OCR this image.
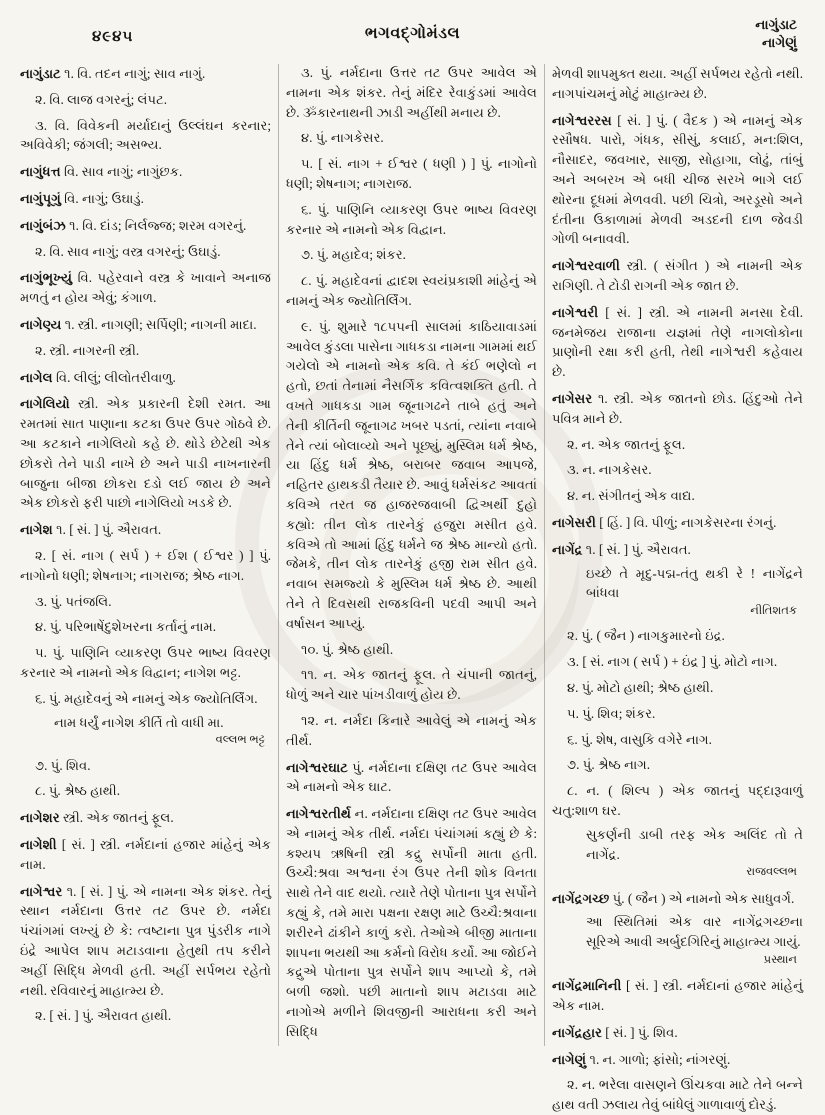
૪૯૪૫	ભગવદ્ગોમંડલ
નાગુંડાટ
નાગેણું

નાગુંડાટ ૧. વિ. તદન નાગું; સાવ નાગું.

૨. વિ. લાજ વગરનું; લંપટ.

૩. વિ. વિવેકની મર્યાદાનું ઉલ્લંઘન કરનાર; અવિવેકી; જંગલી; અસભ્ય.

નાગુંધત્ત વિ. સાવ નાગું; નાગુંછક.

નાગુંપૂગું વિ. નાગું; ઉઘાડું.

નાગુંબંઝ ૧. વિ. દાંડ; નિર્લજ્જ; શરમ વગરનું.

૨. વિ. સાવ નાગું; વસ્ત્ર વગરનું; ઉઘાડું.

નાગુંભૂખ્યું વિ. પહેરવાને વસ્ત્ર કે ખાવાને અનાજ મળતું ન હોય એવું; કંગાળ.

નાગેણ્ય ૧. સ્ત્રી. નાગણી; સર્પિણી; નાગની માદા.

૨. સ્ત્રી. નાગરની સ્ત્રી.

નાગેલ વિ. લીલું; લીલોતરીવાળુ.

નાગેલિયો સ્ત્રી. એક પ્રકારની દેશી રમત. આ રમતમાં સાત પાણાના કટકા ઉપર ઉપર ગોઠવે છે. આ કટકાને નાગેલિયો કહે છે. થોડે છેટેથી એક છોકરો તેને પાડી નાખે છે અને પાડી નાખનારની બાજુના બીજા છોકરા દડો લઈ જાય છે અને એક છોકરો ફરી પાછો નાગેલિયો ખડકે છે.

નાગેશ ૧. [ સં. ] પું. ઐરાવત.

૨. [ સં. નાગ ( સર્પ ) + ઈશ ( ઈશ્વર ) ] પું. નાગોનો ધણી; શેષનાગ; નાગરાજ; શ્રેષ્ઠ નાગ.

૩. પું. પતંજલિ.

૪. પું. પરિભાષેંદુશેખરના કર્તાનું નામ.

૫. પું. પાણિનિ વ્યાકરણ ઉપર ભાષ્ય વિવરણ કરનાર એ નામનો એક વિદ્વાન; નાગેશ ભટ્ટ.

૬. પું. મહાદેવનું એ નામનું એક જ્યોતિર્લિંગ.

નામ ધર્યું નાગેશ કીર્તિ તો વાધી મા.
વલ્લભ ભટ્ટ

૭. પું. શિવ.

૮. પું. શ્રેષ્ઠ હાથી.

નાગેશર સ્ત્રી. એક જાતનું ફૂલ.

નાગેશી [ સં. ] સ્ત્રી. નર્મદાનાં હજાર માંહેનું એક નામ.

નાગેશ્વર ૧. [ સં. ] પું. એ નામના એક શંકર. તેનું સ્થાન નર્મદાના ઉત્તર તટ ઉપર છે. નર્મદા પંચાંગમાં લખ્યું છે કે: ત્વષ્ટાના પુત્ર પુંડરીક નાગે ઇંદ્રે આપેલ શાપ મટાડવાના હેતુથી તપ કરીને અહીં સિદ્ધિ મેળવી હતી. અહીં સર્પભય રહેતો નથી. રવિવારનું માહાત્મ્ય છે.

૨. [ સં. ] પું. ઐરાવત હાથી.

૩. પું. નર્મદાના ઉત્તર તટ ઉપર આવેલ એ નામના એક શંકર. તેનું મંદિર રેવાકુંડમાં આવેલ છે. ૐકારનાથની ઝાડી અહીંથી મનાય છે.

૪. પું. નાગકેસર.

૫. [ સં. નાગ + ઈશ્વર ( ધણી ) ] પું. નાગોનો ધણી; શેષનાગ; નાગરાજ.

૬. પું. પાણિનિ વ્યાકરણ ઉપર ભાષ્ય વિવરણ કરનાર એ નામનો એક વિદ્વાન.

૭. પું. મહાદેવ; શંકર.

૮. પું. મહાદેવનાં દ્વાદશ સ્વયંપ્રકાશી માંહેનું એ નામનું એક જ્યોતિર્લિંગ.

૯. પું. શુમારે ૧૮૫૫ની સાલમાં કાઠિયાવાડમાં આવેલ કુંડલા પાસેના ગાધકડા નામના ગામમાં થઈ ગયેલો એ નામનો એક કવિ. તે કંઈ ભણેલો ન હતો, છતાં તેનામાં નૈસર્ગિક કવિત્વશક્તિ હતી. તે વખતે ગાધકડા ગામ જૂનાગઢને તાબે હતું અને તેની કીર્તિની જૂનાગઢ ખબર પડતાં, ત્યાંના નવાબે તેને ત્યાં બોલાવ્યો અને પૂછ્યું, મુસ્લિમ ધર્મ શ્રેષ્ઠ, યા હિંદુ ધર્મ શ્રેષ્ઠ, બરાબર જવાબ આપજે, નહિતર હાથકડી તૈયાર છે. આવું ધર્મસંકટ આવતાં કવિએ તરત જ હાજરજવાબી દ્વિઅર્થી દુહો કહ્યો: તીન લોક તારનેકું હજુરા મસીત હવે. કવિએ તો આમાં હિંદુ ધર્મને જ શ્રેષ્ઠ માન્યો હતો. જેમકે, તીન લોક તારનેકું હજી રામ સીત હવે. નવાબ સમજ્યો કે મુસ્લિમ ધર્મ શ્રેષ્ઠ છે. આથી તેને તે દિવસથી રાજકવિની પદવી આપી અને વર્ષાસન આપ્યું.

૧૦. પું. શ્રેષ્ઠ હાથી.

૧૧. ન. એક જાતનું ફૂલ. તે ચંપાની જાતનું, ધોળું અને ચાર પાંખડીવાળું હોય છે.

૧૨. ન. નર્મદા કિનારે આવેલું એ નામનું એક તીર્થ.

નાગેશ્વરઘાટ પું. નર્મદાના દક્ષિણ તટ ઉપર આવેલ એ નામનો એક ઘાટ.

નાગેશ્વરતીર્થ ન. નર્મદાના દક્ષિણ તટ ઉપર આવેલ એ નામનું એક તીર્થ. નર્મદા પંચાંગમાં કહ્યું છે કે: કશ્યપ ઋષિની સ્ત્રી કદ્રુ સર્પોની માતા હતી. ઉચ્ચૈ:શ્રવા અશ્વના રંગ ઉપર તેની શોક વિનતા સાથે તેને વાદ થયો. ત્યારે તેણે પોતાના પુત્ર સર્પોને કહ્યું કે, તમે મારા પક્ષના રક્ષણ માટે ઉચ્ચૈ:શ્રવાના શરીરને ઢાંકીને કાળું કરો. તેઓએ બીજી માતાના શાપના ભયથી આ કર્મનો વિરોધ કર્યો. આ જોઈને કદ્રુએ પોતાના પુત્ર સર્પોને શાપ આપ્યો કે, તમે બળી જશો. પછી માતાનો શાપ મટાડવા માટે નાગોએ મળીને શિવજીની આરાધના કરી અને સિદ્ધિ

મેળવી શાપમુક્ત થયા. અહીં સર્પભય રહેતો નથી. નાગપાંચમનું મોટું માહાત્મ્ય છે.

નાગેશ્વરરસ [ સં. ] પું. ( વૈદક ) એ નામનું એક રસૌષધ. પારો, ગંધક, સીસું, કલાઈ, મન:શિલ, નૌસાદર, જવખાર, સાજી, સોહાગા, લોઢું, તાંબું અને અબરખ એ બધી ચીજ સરખે ભાગે લઈ થોરના દૂધમાં મેળવવી. પછી ચિત્રો, અરડૂસો અને દંતીના ઉકાળામાં મેળવી અડદની દાળ જેવડી ગોળી બનાવવી.

નાગેશ્વરવાળી સ્ત્રી. ( સંગીત ) એ નામની એક રાગિણી. તે ટોડી રાગની એક જાત છે.

નાગેશ્વરી [ સં. ] સ્ત્રી. એ નામની મનસા દેવી. જનમેજય રાજાના યજ્ઞમાં તેણે નાગલોકોના પ્રાણોની રક્ષા કરી હતી, તેથી નાગેશ્વરી કહેવાય છે.

નાગેસર ૧. સ્ત્રી. એક જાતનો છોડ. હિંદુઓ તેને પવિત્ર માને છે.

૨. ન. એક જાતનું ફૂલ.

૩. ન. નાગકેસર.

૪. ન. સંગીતનું એક વાદ્ય.

નાગેસરી [ હિં. ] વિ. પીળું; નાગકેસરના રંગનું.

નાગેંદ્ર ૧. [ સં. ] પું. ઐરાવત.

ઇચ્છે તે મૃદુ-પદ્મ-તંતુ થકી રે ! નાગેંદ્રને બાંધવા
નીતિશતક

૨. પું. ( જૈન ) નાગકુમારનો ઇંદ્ર.

૩. [ સં. નાગ ( સર્પ ) + ઇંદ્ર ] પું. મોટો નાગ.

૪. પું. મોટો હાથી; શ્રેષ્ઠ હાથી.

૫. પું. શિવ; શંકર.

૬. પું. શેષ, વાસુકિ વગેરે નાગ.

૭. પું. શ્રેષ્ઠ નાગ.

૮. ન. ( શિલ્પ ) એક જાતનું પદ્દારૂવાળું ચતુ:શાળ ઘર.

સુકર્ણની ડાબી તરફ એક અલિંદ તો તે નાગેંદ્ર.
રાજવલ્લભ

નાગેંદ્રગચ્છ પું. ( જૈન ) એ નામનો એક સાધુવર્ગ.

આ સ્થિતિમાં એક વાર નાગેંદ્રગચ્છના સૂરિએ આવી અર્બુદગિરિનું માહાત્મ્ય ગાયું.
પ્રસ્થાન

નાગેંદ્રમાનિની [ સં. ] સ્ત્રી. નર્મદાનાં હજાર માંહેનું એક નામ.

નાગેંદ્રહાર [ સં. ] પું. શિવ.

નાગેણું ૧. ન. ગાળો; ફાંસો; નાંગરણું.

૨. ન. ભરેલા વાસણને ઊંચકવા માટે તેને બન્ને હાથ વતી ઝલાય તેવું બાંધેલું ગાળાવાળું દોરડું.
